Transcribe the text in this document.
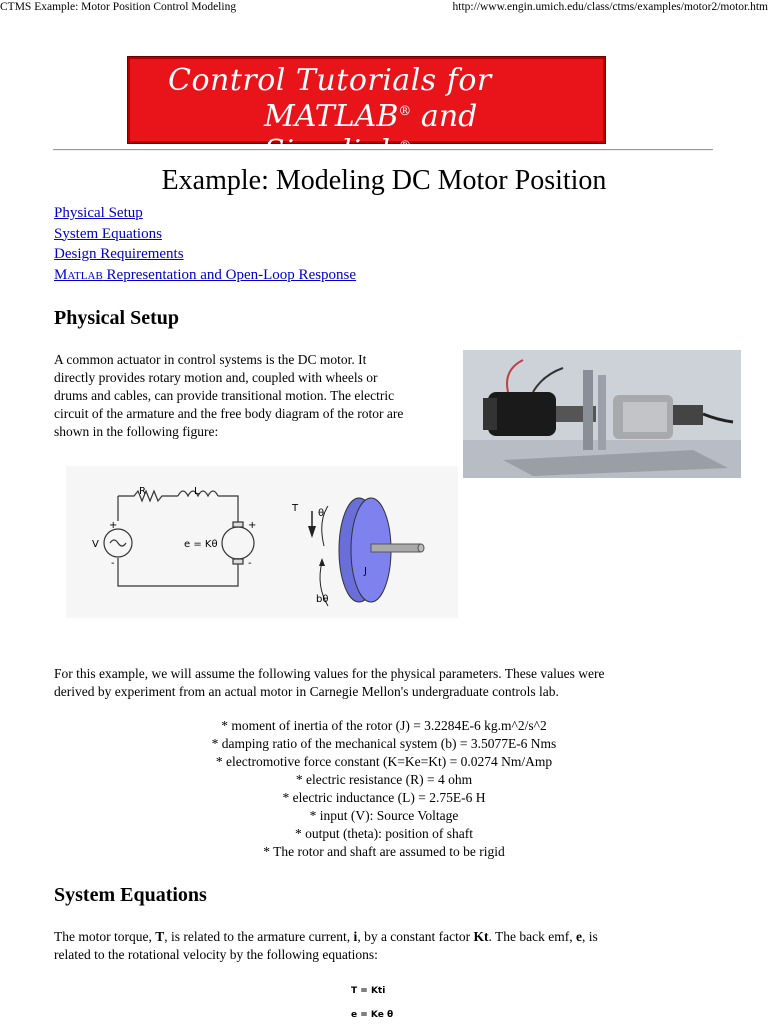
CTMS Example: Motor Position Control Modeling	http://www.engin.umich.edu/class/ctms/examples/motor2/motor.htm
Control Tutorials for
MATLAB® and Simulink®
Example: Modeling DC Motor Position
Physical Setup
System Equations
Design Requirements
Matlab Representation and Open-Loop Response
Physical Setup
A common actuator in control systems is the DC motor. It
directly provides rotary motion and, coupled with wheels or
drums and cables, can provide transitional motion. The electric
circuit of the armature and the free body diagram of the rotor are
shown in the following figure:
R	L
V
+
-
e = Kθ
+
-
T θ
J
bθ
For this example, we will assume the following values for the physical parameters. These values were
derived by experiment from an actual motor in Carnegie Mellon's undergraduate controls lab.
* moment of inertia of the rotor (J) = 3.2284E-6 kg.m^2/s^2
* damping ratio of the mechanical system (b) = 3.5077E-6 Nms
* electromotive force constant (K=Ke=Kt) = 0.0274 Nm/Amp
* electric resistance (R) = 4 ohm
* electric inductance (L) = 2.75E-6 H
* input (V): Source Voltage
* output (theta): position of shaft
* The rotor and shaft are assumed to be rigid
System Equations
The motor torque, T, is related to the armature current, i, by a constant factor Kt. The back emf, e, is
related to the rotational velocity by the following equations:
T = Kti
e = Ke θ
